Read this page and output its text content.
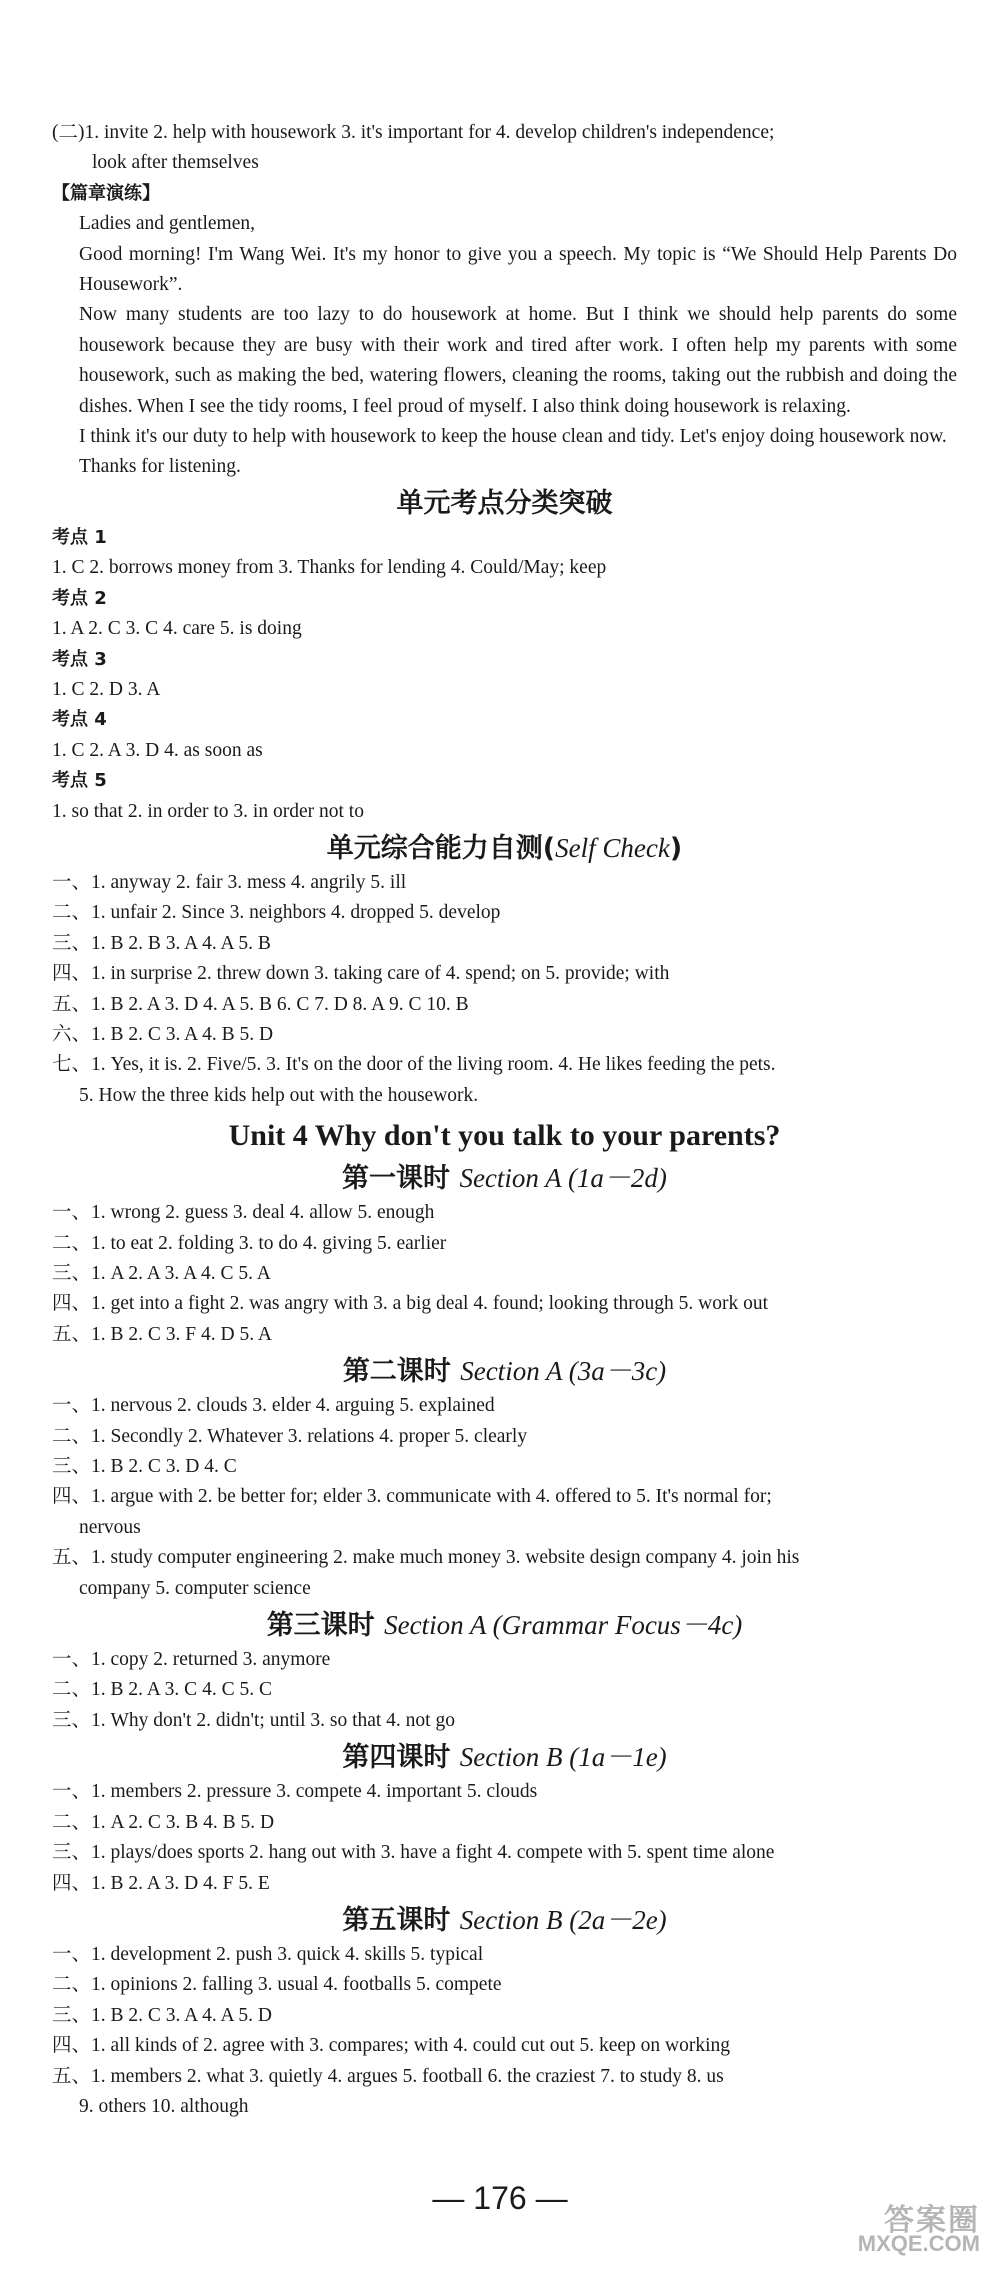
(二)1. invite 2. help with housework 3. it's important for 4. develop children's independence;
look after themselves
【篇章演练】
Ladies and gentlemen,
Good morning! I'm Wang Wei. It's my honor to give you a speech. My topic is “We Should Help Parents Do Housework”.
Now many students are too lazy to do housework at home. But I think we should help parents do some housework because they are busy with their work and tired after work. I often help my parents with some housework, such as making the bed, watering flowers, cleaning the rooms, taking out the rubbish and doing the dishes. When I see the tidy rooms, I feel proud of myself. I also think doing housework is relaxing.
I think it's our duty to help with housework to keep the house clean and tidy. Let's enjoy doing housework now.
Thanks for listening.
单元考点分类突破
考点 1
1. C 2. borrows money from 3. Thanks for lending 4. Could/May; keep
考点 2
1. A 2. C 3. C 4. care 5. is doing
考点 3
1. C 2. D 3. A
考点 4
1. C 2. A 3. D 4. as soon as
考点 5
1. so that 2. in order to 3. in order not to
单元综合能力自测(Self Check)
一、1. anyway 2. fair 3. mess 4. angrily 5. ill
二、1. unfair 2. Since 3. neighbors 4. dropped 5. develop
三、1. B 2. B 3. A 4. A 5. B
四、1. in surprise 2. threw down 3. taking care of 4. spend; on 5. provide; with
五、1. B 2. A 3. D 4. A 5. B 6. C 7. D 8. A 9. C 10. B
六、1. B 2. C 3. A 4. B 5. D
七、1. Yes, it is. 2. Five/5. 3. It's on the door of the living room. 4. He likes feeding the pets.
5. How the three kids help out with the housework.
Unit 4 Why don't you talk to your parents?
第一课时 Section A (1a－2d)
一、1. wrong 2. guess 3. deal 4. allow 5. enough
二、1. to eat 2. folding 3. to do 4. giving 5. earlier
三、1. A 2. A 3. A 4. C 5. A
四、1. get into a fight 2. was angry with 3. a big deal 4. found; looking through 5. work out
五、1. B 2. C 3. F 4. D 5. A
第二课时 Section A (3a－3c)
一、1. nervous 2. clouds 3. elder 4. arguing 5. explained
二、1. Secondly 2. Whatever 3. relations 4. proper 5. clearly
三、1. B 2. C 3. D 4. C
四、1. argue with 2. be better for; elder 3. communicate with 4. offered to 5. It's normal for;
nervous
五、1. study computer engineering 2. make much money 3. website design company 4. join his
company 5. computer science
第三课时 Section A (Grammar Focus－4c)
一、1. copy 2. returned 3. anymore
二、1. B 2. A 3. C 4. C 5. C
三、1. Why don't 2. didn't; until 3. so that 4. not go
第四课时 Section B (1a－1e)
一、1. members 2. pressure 3. compete 4. important 5. clouds
二、1. A 2. C 3. B 4. B 5. D
三、1. plays/does sports 2. hang out with 3. have a fight 4. compete with 5. spent time alone
四、1. B 2. A 3. D 4. F 5. E
第五课时 Section B (2a－2e)
一、1. development 2. push 3. quick 4. skills 5. typical
二、1. opinions 2. falling 3. usual 4. footballs 5. compete
三、1. B 2. C 3. A 4. A 5. D
四、1. all kinds of 2. agree with 3. compares; with 4. could cut out 5. keep on working
五、1. members 2. what 3. quietly 4. argues 5. football 6. the craziest 7. to study 8. us
9. others 10. although
— 176 —
答案圈
MXQE.COM
